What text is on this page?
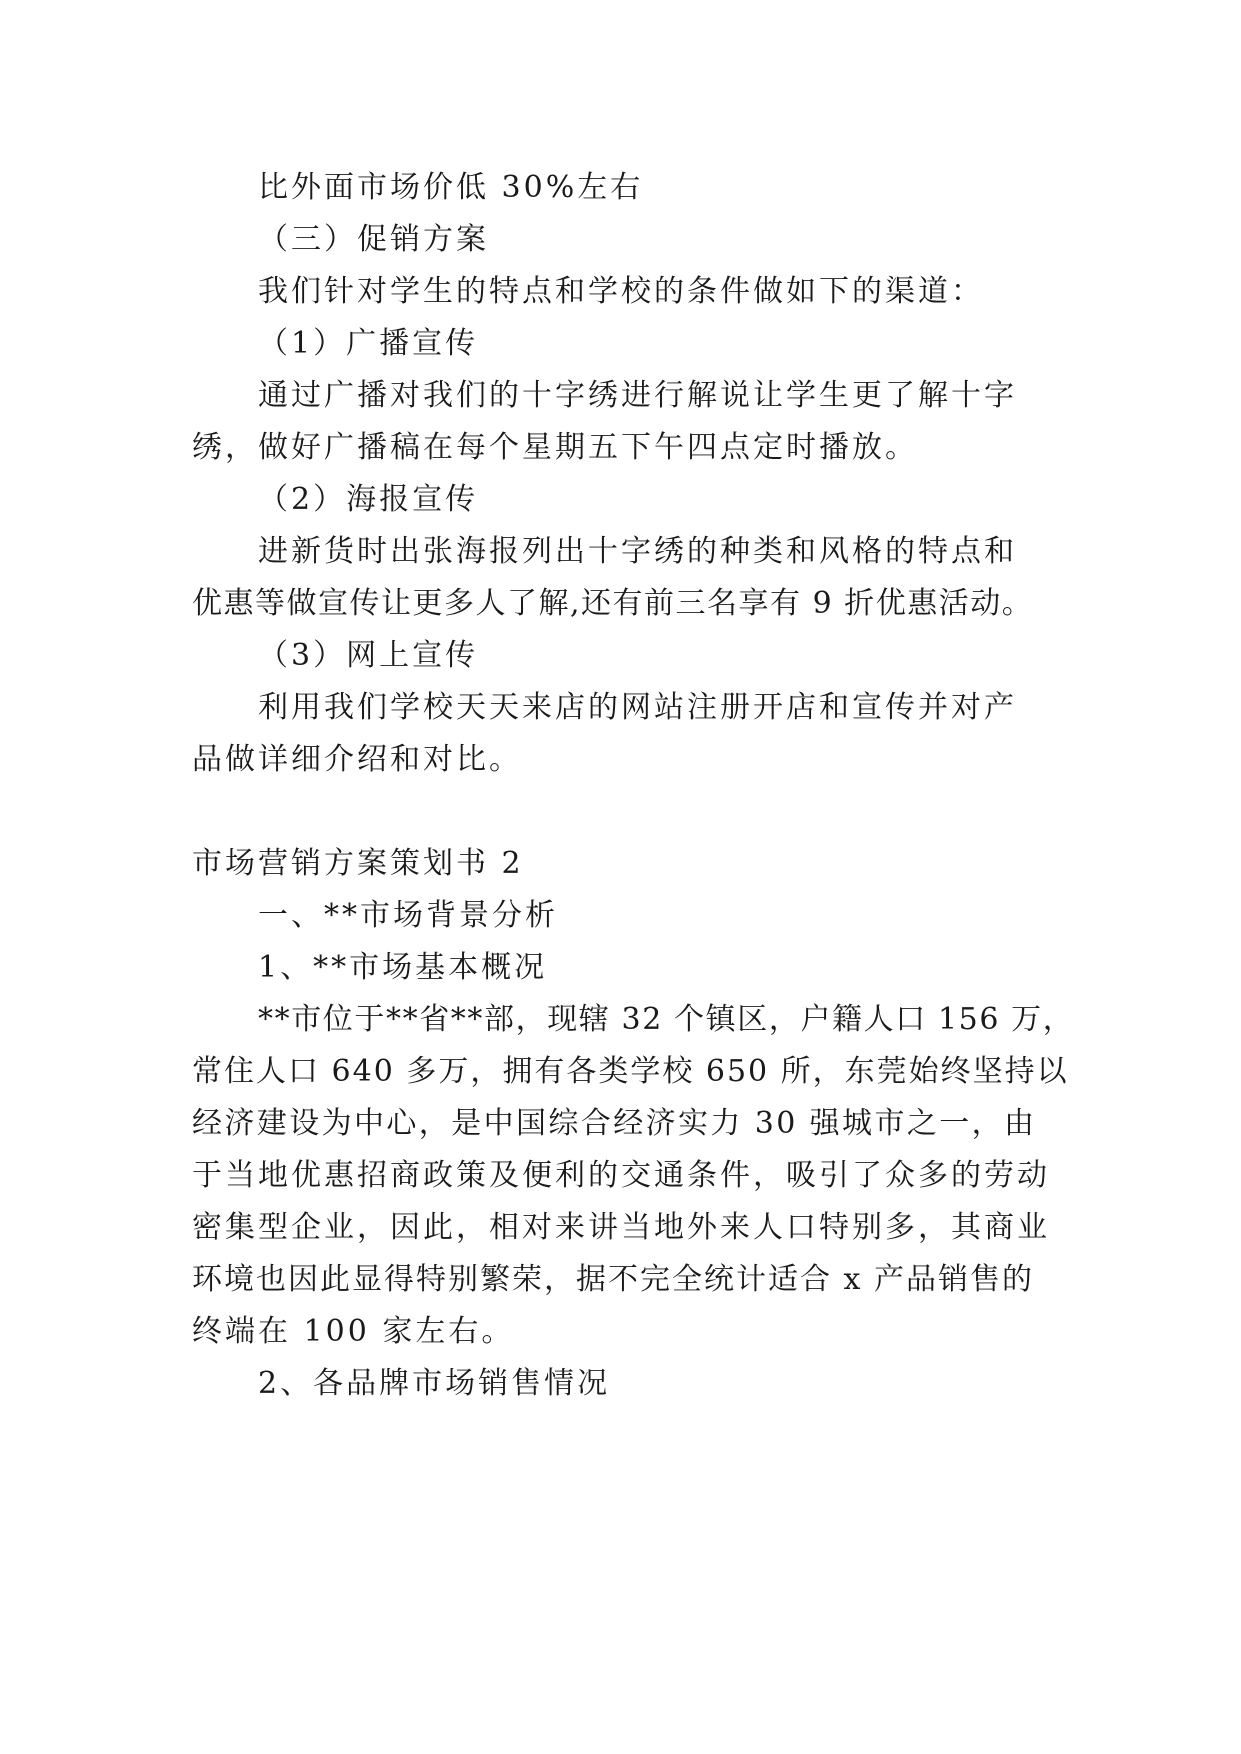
比外面市场价低 30%左右
（三）促销方案
我们针对学生的特点和学校的条件做如下的渠道：
（1）广播宣传
通过广播对我们的十字绣进行解说让学生更了解十字
绣，做好广播稿在每个星期五下午四点定时播放。
（2）海报宣传
进新货时出张海报列出十字绣的种类和风格的特点和
优惠等做宣传让更多人了解,还有前三名享有 9 折优惠活动。
（3）网上宣传
利用我们学校天天来店的网站注册开店和宣传并对产
品做详细介绍和对比。
市场营销方案策划书 2
一、**市场背景分析
1、**市场基本概况
**市位于**省**部，现辖 32 个镇区，户籍人口 156 万，
常住人口 640 多万，拥有各类学校 650 所，东莞始终坚持以
经济建设为中心，是中国综合经济实力 30 强城市之一，由
于当地优惠招商政策及便利的交通条件，吸引了众多的劳动
密集型企业，因此，相对来讲当地外来人口特别多，其商业
环境也因此显得特别繁荣，据不完全统计适合 x 产品销售的
终端在 100 家左右。
2、各品牌市场销售情况
